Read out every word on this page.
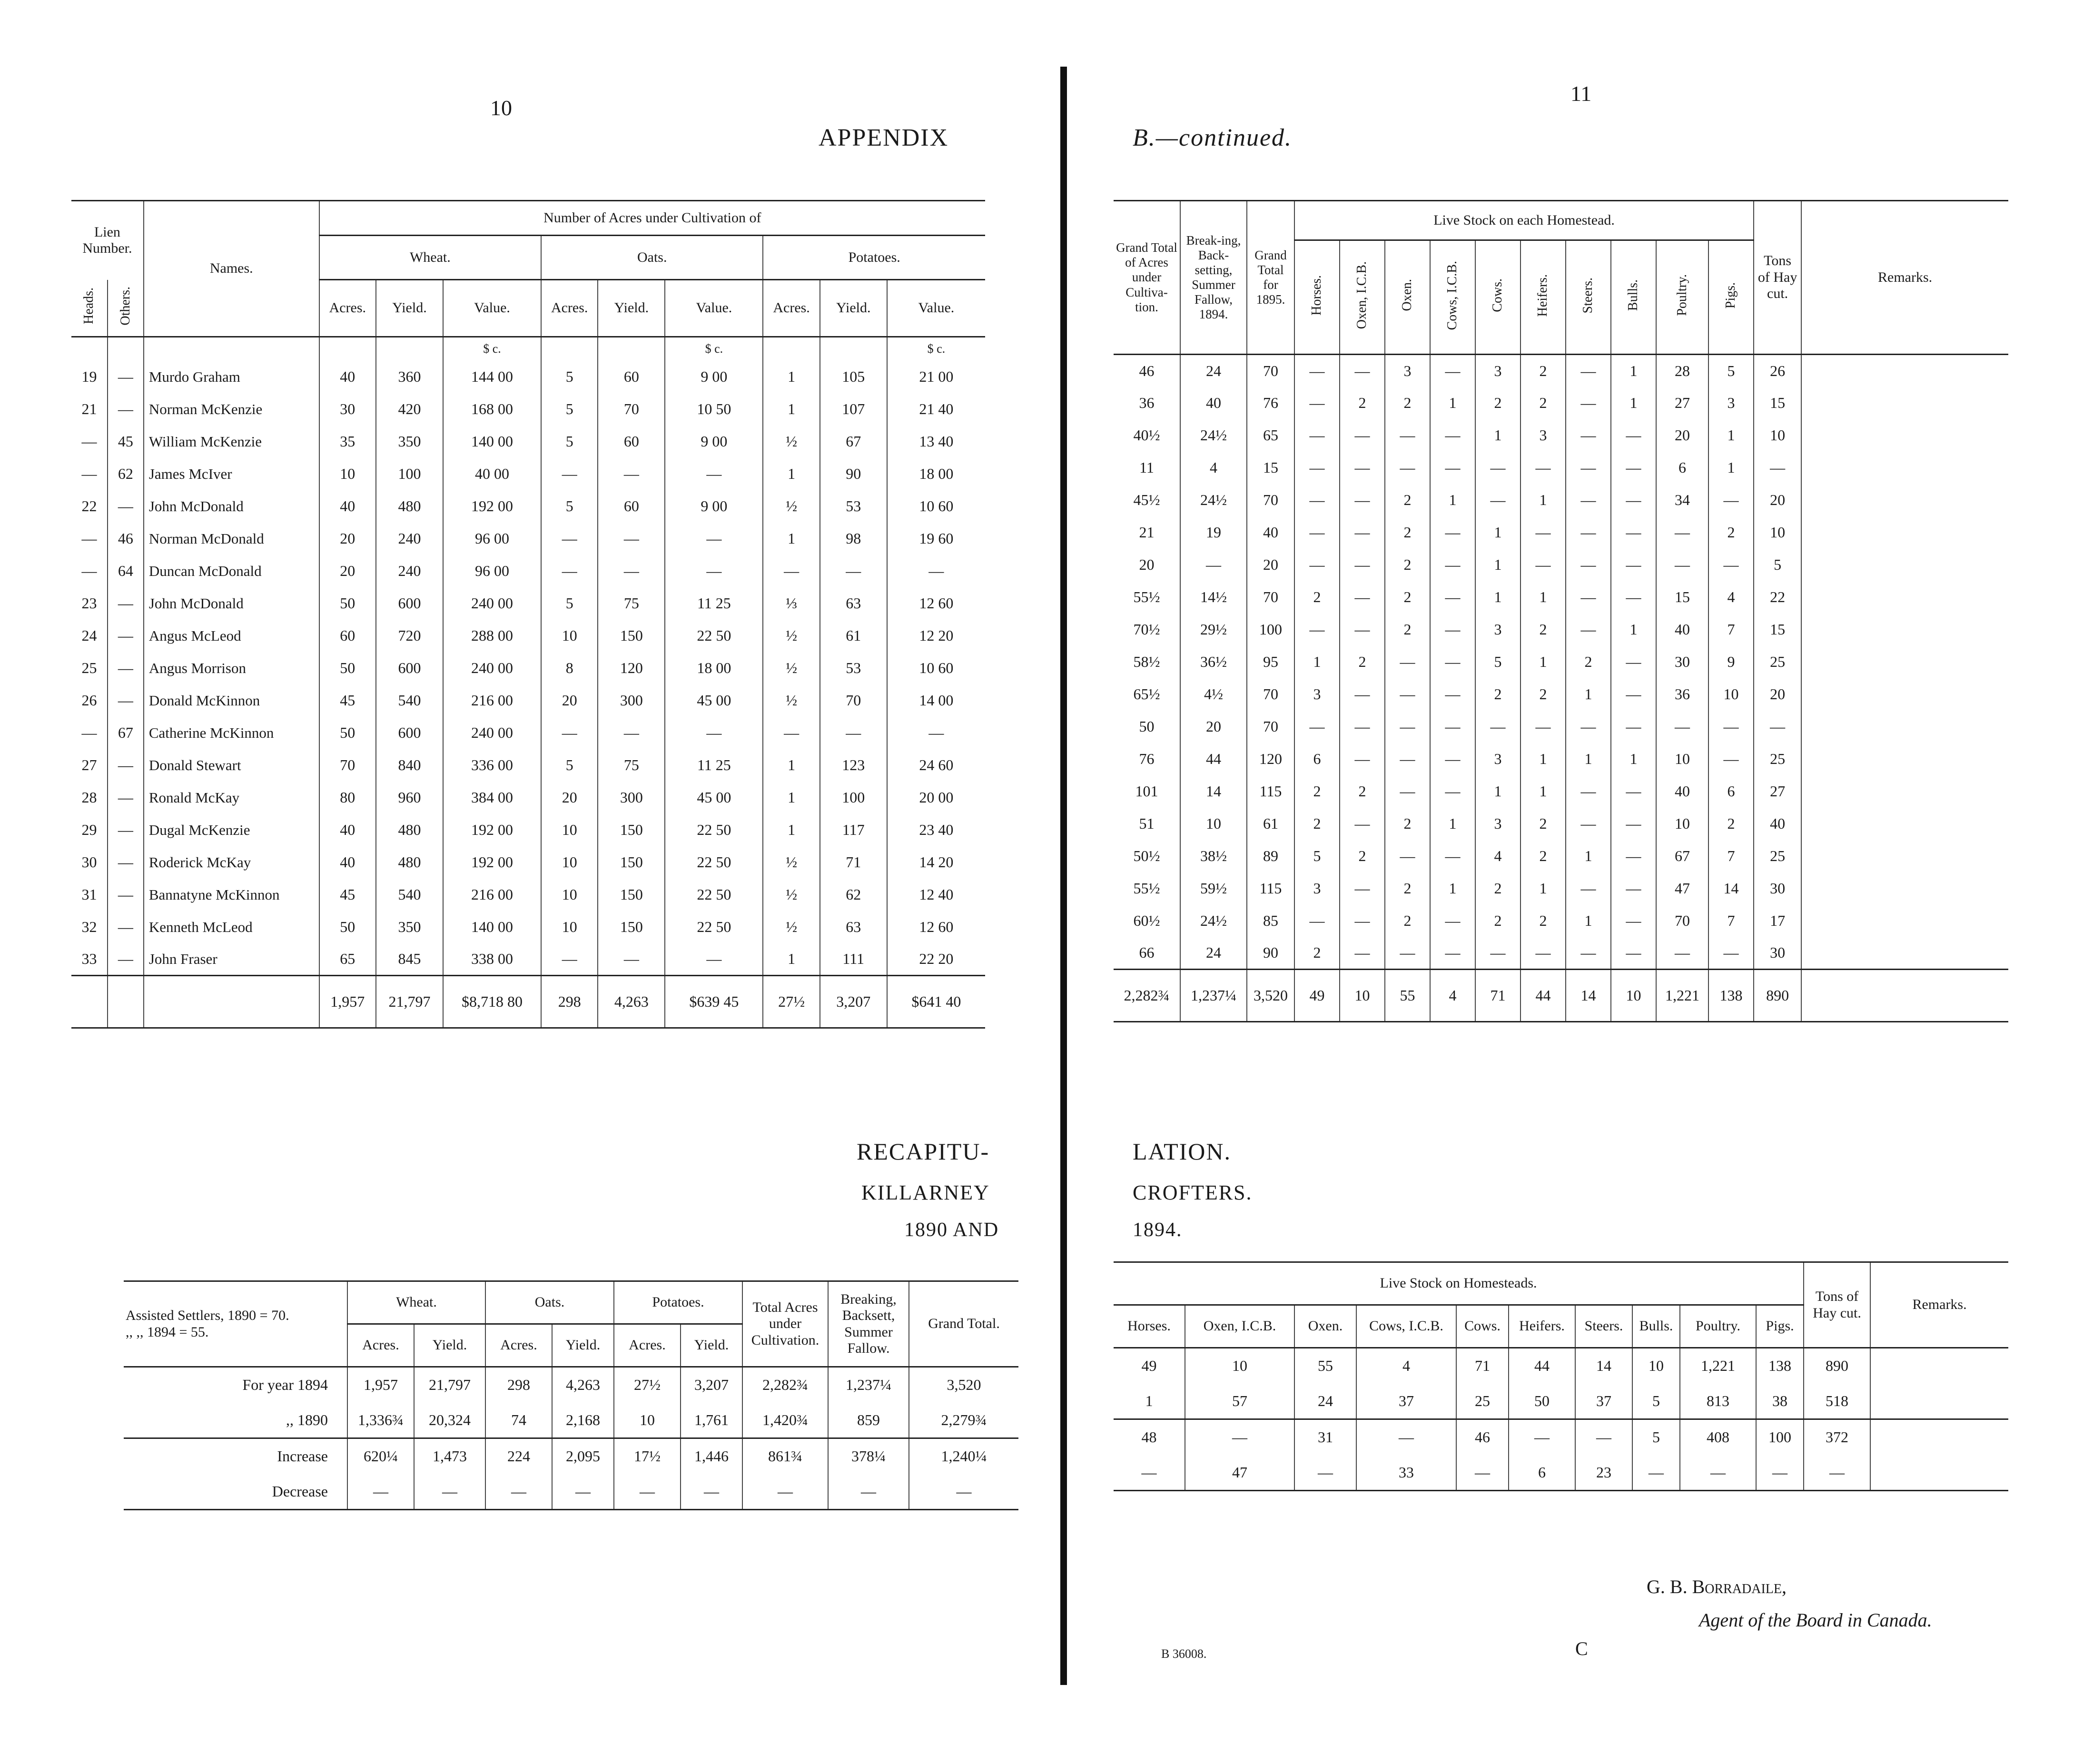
10
APPENDIX
Lien Number.		Names.	Number of Acres under Cultivation of								
			Wheat.			Oats.			Potatoes.		
Heads.	Others.		Acres.	Yield.	Value.	Acres.	Yield.	Value.	Acres.	Yield.	Value.
					$ c.			$ c.			$ c.
19	—	Murdo Graham	40	360	144 00	5	60	9 00	1	105	21 00
21	—	Norman McKenzie	30	420	168 00	5	70	10 50	1	107	21 40
—	45	William McKenzie	35	350	140 00	5	60	9 00	½	67	13 40
—	62	James McIver	10	100	40 00	—	—	—	1	90	18 00
22	—	John McDonald	40	480	192 00	5	60	9 00	½	53	10 60
—	46	Norman McDonald	20	240	96 00	—	—	—	1	98	19 60
—	64	Duncan McDonald	20	240	96 00	—	—	—	—	—	—
23	—	John McDonald	50	600	240 00	5	75	11 25	⅓	63	12 60
24	—	Angus McLeod	60	720	288 00	10	150	22 50	½	61	12 20
25	—	Angus Morrison	50	600	240 00	8	120	18 00	½	53	10 60
26	—	Donald McKinnon	45	540	216 00	20	300	45 00	½	70	14 00
—	67	Catherine McKinnon	50	600	240 00	—	—	—	—	—	—
27	—	Donald Stewart	70	840	336 00	5	75	11 25	1	123	24 60
28	—	Ronald McKay	80	960	384 00	20	300	45 00	1	100	20 00
29	—	Dugal McKenzie	40	480	192 00	10	150	22 50	1	117	23 40
30	—	Roderick McKay	40	480	192 00	10	150	22 50	½	71	14 20
31	—	Bannatyne McKinnon	45	540	216 00	10	150	22 50	½	62	12 40
32	—	Kenneth McLeod	50	350	140 00	10	150	22 50	½	63	12 60
33	—	John Fraser	65	845	338 00	—	—	—	1	111	22 20
			1,957	21,797	$8,718 80	298	4,263	$639 45	27½	3,207	$641 40
RECAPITU-
KILLARNEY
1890 AND
Assisted Settlers, 1890 = 70.
,, ,, 1894 = 55.	Wheat.		Oats.		Potatoes.		Total Acres under Cultivation.	Breaking, Backsett, Summer Fallow.	Grand Total.
	Acres.	Yield.	Acres.	Yield.	Acres.	Yield.			
For year 1894	1,957	21,797	298	4,263	27½	3,207	2,282¾	1,237¼	3,520
,, 1890	1,336¾	20,324	74	2,168	10	1,761	1,420¾	859	2,279¾
Increase	620¼	1,473	224	2,095	17½	1,446	861¾	378¼	1,240¼
Decrease	—	—	—	—	—	—	—	—	—
11
B.—continued.
Grand Total of Acres under Cultiva-tion.	Break-ing, Back-setting, Summer Fallow, 1894.	Grand Total for 1895.	Live Stock on each Homestead.										Tons of Hay cut.	Remarks.
			Horses.	Oxen, I.C.B.	Oxen.	Cows, I.C.B.	Cows.	Heifers.	Steers.	Bulls.	Poultry.	Pigs.		
46	24	70	—	—	3	—	3	2	—	1	28	5	26	
36	40	76	—	2	2	1	2	2	—	1	27	3	15	
40½	24½	65	—	—	—	—	1	3	—	—	20	1	10	
11	4	15	—	—	—	—	—	—	—	—	6	1	—	
45½	24½	70	—	—	2	1	—	1	—	—	34	—	20	
21	19	40	—	—	2	—	1	—	—	—	—	2	10	
20	—	20	—	—	2	—	1	—	—	—	—	—	5	
55½	14½	70	2	—	2	—	1	1	—	—	15	4	22	
70½	29½	100	—	—	2	—	3	2	—	1	40	7	15	
58½	36½	95	1	2	—	—	5	1	2	—	30	9	25	
65½	4½	70	3	—	—	—	2	2	1	—	36	10	20	
50	20	70	—	—	—	—	—	—	—	—	—	—	—	
76	44	120	6	—	—	—	3	1	1	1	10	—	25	
101	14	115	2	2	—	—	1	1	—	—	40	6	27	
51	10	61	2	—	2	1	3	2	—	—	10	2	40	
50½	38½	89	5	2	—	—	4	2	1	—	67	7	25	
55½	59½	115	3	—	2	1	2	1	—	—	47	14	30	
60½	24½	85	—	—	2	—	2	2	1	—	70	7	17	
66	24	90	2	—	—	—	—	—	—	—	—	—	30	
2,282¾	1,237¼	3,520	49	10	55	4	71	44	14	10	1,221	138	890	
LATION.
CROFTERS.
1894.
Live Stock on Homesteads.										Tons of Hay cut.	Remarks.
Horses.	Oxen, I.C.B.	Oxen.	Cows, I.C.B.	Cows.	Heifers.	Steers.	Bulls.	Poultry.	Pigs.		
49	10	55	4	71	44	14	10	1,221	138	890	
1	57	24	37	25	50	37	5	813	38	518	
48	—	31	—	46	—	—	5	408	100	372	
—	47	—	33	—	6	23	—	—	—	—	
G. B. Borradaile,
Agent of the Board in Canada.
C
B 36008.
